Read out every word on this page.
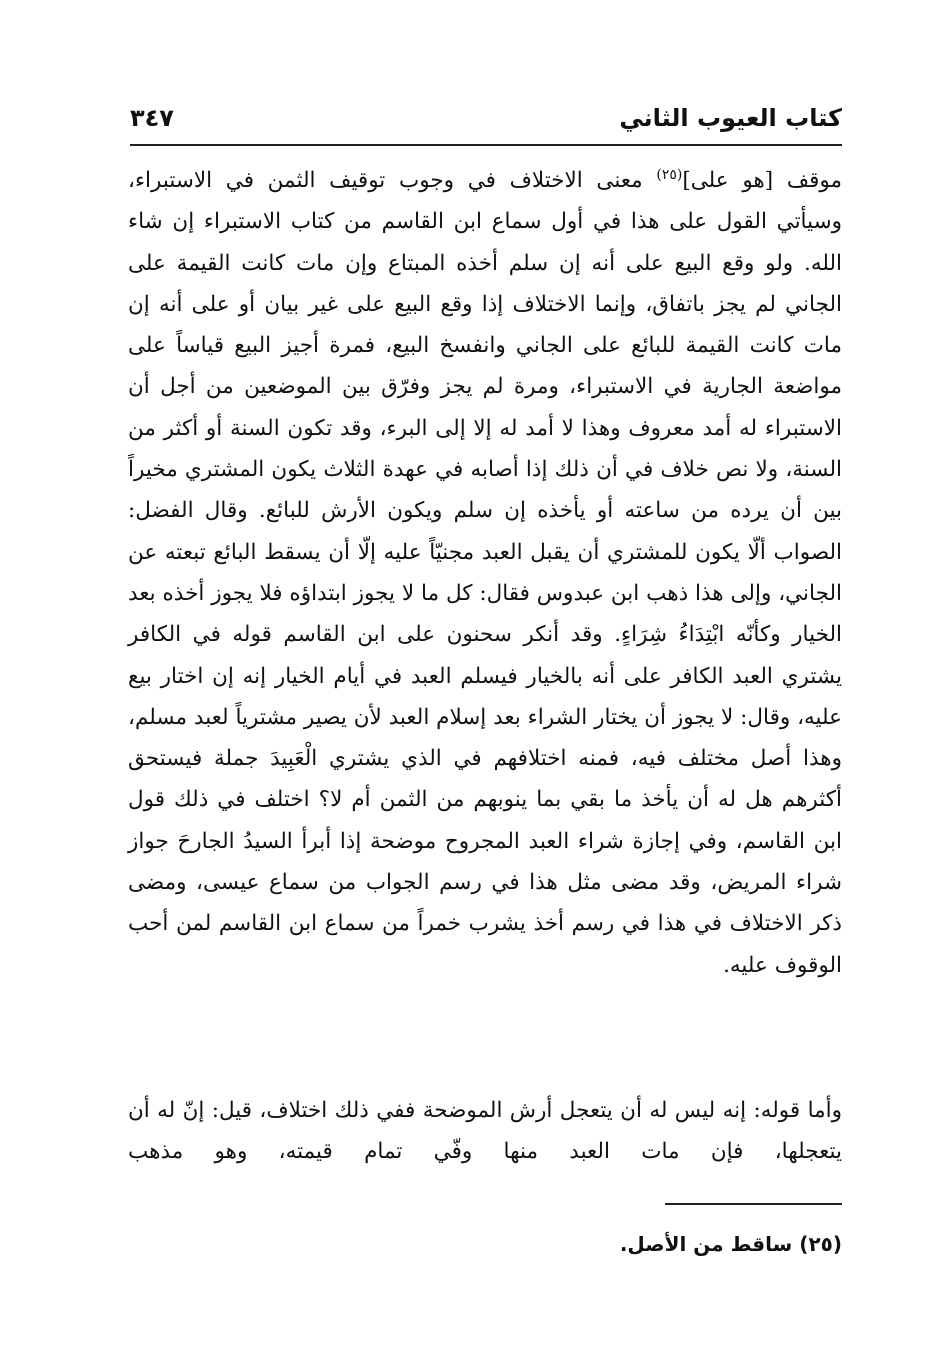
كتاب العيوب الثاني
٣٤٧

موقف [هو على]$^{(٢٥)}$ معنى الاختلاف في وجوب توقيف الثمن في الاستبراء، وسيأتي القول على هذا في أول سماع ابن القاسم من كتاب الاستبراء إن شاء الله. ولو وقع البيع على أنه إن سلم أخذه المبتاع وإن مات كانت القيمة على الجاني لم يجز باتفاق، وإنما الاختلاف إذا وقع البيع على غير بيان أو على أنه إن مات كانت القيمة للبائع على الجاني وانفسخ البيع، فمرة أجيز البيع قياساً على مواضعة الجارية في الاستبراء، ومرة لم يجز وفرّق بين الموضعين من أجل أن الاستبراء له أمد معروف وهذا لا أمد له إلا إلى البرء، وقد تكون السنة أو أكثر من السنة، ولا نص خلاف في أن ذلك إذا أصابه في عهدة الثلاث يكون المشتري مخيراً بين أن يرده من ساعته أو يأخذه إن سلم ويكون الأرش للبائع. وقال الفضل: الصواب ألّا يكون للمشتري أن يقبل العبد مجنيّاً عليه إلّا أن يسقط البائع تبعته عن الجاني، وإلى هذا ذهب ابن عبدوس فقال: كل ما لا يجوز ابتداؤه فلا يجوز أخذه بعد الخيار وكأنّه ابْتِدَاءُ شِرَاءٍ. وقد أنكر سحنون على ابن القاسم قوله في الكافر يشتري العبد الكافر على أنه بالخيار فيسلم العبد في أيام الخيار إنه إن اختار بيع عليه، وقال: لا يجوز أن يختار الشراء بعد إسلام العبد لأن يصير مشترياً لعبد مسلم، وهذا أصل مختلف فيه، فمنه اختلافهم في الذي يشتري الْعَبِيدَ جملة فيستحق أكثرهم هل له أن يأخذ ما بقي بما ينوبهم من الثمن أم لا؟ اختلف في ذلك قول ابن القاسم، وفي إجازة شراء العبد المجروح موضحة إذا أبرأ السيدُ الجارحَ جواز شراء المريض، وقد مضى مثل هذا في رسم الجواب من سماع عيسى، ومضى ذكر الاختلاف في هذا في رسم أخذ يشرب خمراً من سماع ابن القاسم لمن أحب الوقوف عليه.

وأما قوله: إنه ليس له أن يتعجل أرش الموضحة ففي ذلك اختلاف، قيل: إنّ له أن يتعجلها، فإن مات العبد منها وفّي تمام قيمته، وهو مذهب

(٢٥) ساقط من الأصل.
